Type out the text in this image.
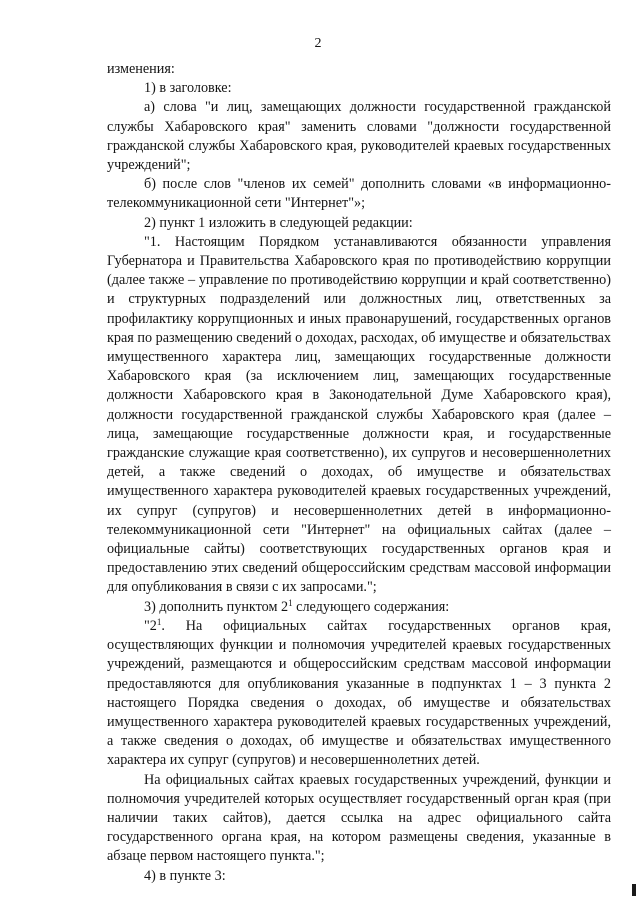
2

изменения:

1) в заголовке:

а) слова "и лиц, замещающих должности государственной гражданской службы Хабаровского края" заменить словами "должности государственной гражданской службы Хабаровского края, руководителей краевых государственных учреждений";

б) после слов "членов их семей" дополнить словами «в информационно-телекоммуникационной сети "Интернет"»;

2) пункт 1 изложить в следующей редакции:

"1. Настоящим Порядком устанавливаются обязанности управления Губернатора и Правительства Хабаровского края по противодействию коррупции (далее также – управление по противодействию коррупции и край соответственно) и структурных подразделений или должностных лиц, ответственных за профилактику коррупционных и иных правонарушений, государственных органов края по размещению сведений о доходах, расходах, об имуществе и обязательствах имущественного характера лиц, замещающих государственные должности Хабаровского края (за исключением лиц, замещающих государственные должности Хабаровского края в Законодательной Думе Хабаровского края), должности государственной гражданской службы Хабаровского края (далее – лица, замещающие государственные должности края, и государственные гражданские служащие края соответственно), их супругов и несовершеннолетних детей, а также сведений о доходах, об имуществе и обязательствах имущественного характера руководителей краевых государственных учреждений, их супруг (супругов) и несовершеннолетних детей в информационно-телекоммуникационной сети "Интернет" на официальных сайтах (далее – официальные сайты) соответствующих государственных органов края и предоставлению этих сведений общероссийским средствам массовой информации для опубликования в связи с их запросами.";

3) дополнить пунктом $2^1$ следующего содержания:

"$2^1$. На официальных сайтах государственных органов края, осуществляющих функции и полномочия учредителей краевых государственных учреждений, размещаются и общероссийским средствам массовой информации предоставляются для опубликования указанные в подпунктах 1 – 3 пункта 2 настоящего Порядка сведения о доходах, об имуществе и обязательствах имущественного характера руководителей краевых государственных учреждений, а также сведения о доходах, об имуществе и обязательствах имущественного характера их супруг (супругов) и несовершеннолетних детей.

На официальных сайтах краевых государственных учреждений, функции и полномочия учредителей которых осуществляет государственный орган края (при наличии таких сайтов), дается ссылка на адрес официального сайта государственного органа края, на котором размещены сведения, указанные в абзаце первом настоящего пункта.";

4) в пункте 3:
